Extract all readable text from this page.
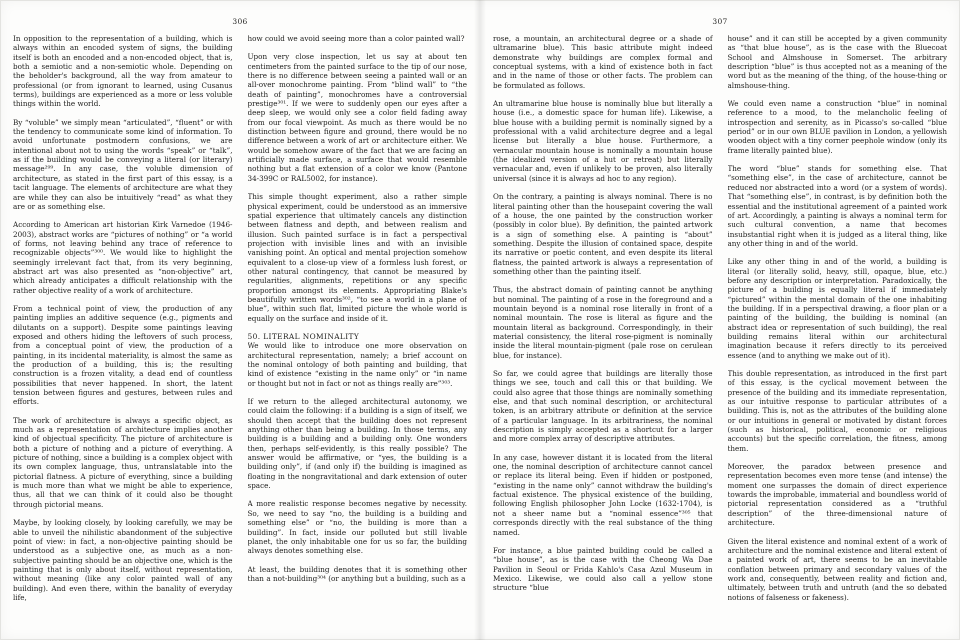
306

In opposition to the representation of a building, which is always within an encoded system of signs, the building itself is both an encoded and a non-encoded object, that is, both a semiotic and a non-semiotic whole. Depending on the beholder's background, all the way from amateur to professional (or from ignorant to learned, using Cusanus terms), buildings are experienced as a more or less voluble things within the world.

By “voluble” we simply mean “articulated”, “fluent” or with the tendency to communicate some kind of information. To avoid unfortunate postmodern confusions, we are intentional about not to using the words “speak” or “talk”, as if the building would be conveying a literal (or literary) message²⁹⁹. In any case, the voluble dimension of architecture, as stated in the first part of this essay, is a tacit language. The elements of architecture are what they are while they can also be intuitively “read” as what they are or as something else.

According to American art historian Kirk Varnedoe (1946-2003), abstract works are “pictures of nothing” or “a world of forms, not leaving behind any trace of reference to recognizable objects”³⁰⁰. We would like to highlight the seemingly irrelevant fact that, from its very beginning, abstract art was also presented as “non-objective” art, which already anticipates a difficult relationship with the rather objective reality of a work of architecture.

From a technical point of view, the production of any painting implies an additive sequence (e.g., pigments and dilutants on a support). Despite some paintings leaving exposed and others hiding the leftovers of such process, from a conceptual point of view, the production of a painting, in its incidental materiality, is almost the same as the production of a building, this is; the resulting construction is a frozen vitality, a dead end of countless possibilities that never happened. In short, the latent tension between figures and gestures, between rules and efforts.

The work of architecture is always a specific object, as much as a representation of architecture implies another kind of objectual specificity. The picture of architecture is both a picture of nothing and a picture of everything. A picture of nothing, since a building is a complex object with its own complex language, thus, untranslatable into the pictorial flatness. A picture of everything, since a building is much more than what we might be able to experience, thus, all that we can think of it could also be thought through pictorial means.

Maybe, by looking closely, by looking carefully, we may be able to unveil the nihilistic abandonment of the subjective point of view: in fact, a non-objective painting should be understood as a subjective one, as much as a non-subjective painting should be an objective one, which is the painting that is only about itself, without representation, without meaning (like any color painted wall of any building). And even there, within the banality of everyday life,

how could we avoid seeing more than a color painted wall?

Upon very close inspection, let us say at about ten centimeters from the painted surface to the tip of our nose, there is no difference between seeing a painted wall or an all-over monochrome painting. From “blind wall” to “the death of painting”, monochromes have a controversial prestige³⁰¹. If we were to suddenly open our eyes after a deep sleep, we would only see a color field fading away from our focal viewpoint. As much as there would be no distinction between figure and ground, there would be no difference between a work of art or architecture either. We would be somehow aware of the fact that we are facing an artificially made surface, a surface that would resemble nothing but a flat extension of a color we know (Pantone 34-399C or RAL5002, for instance).

This simple thought experiment, also a rather simple physical experiment, could be understood as an immersive spatial experience that ultimately cancels any distinction between flatness and depth, and between realism and illusion. Such painted surface is in fact a perspectival projection with invisible lines and with an invisible vanishing point. An optical and mental projection somehow equivalent to a close-up view of a formless lush forest, or other natural contingency, that cannot be measured by regularities, alignments, repetitions or any specific proportion amongst its elements. Appropriating Blake's beautifully written words³⁰², “to see a world in a plane of blue”, within such flat, limited picture the whole world is equally on the surface and inside of it.

50. LITERAL NOMINALITY

We would like to introduce one more observation on architectural representation, namely; a brief account on the nominal ontology of both painting and building, that kind of existence “existing in the name only” or “in name or thought but not in fact or not as things really are”³⁰³.

If we return to the alleged architectural autonomy, we could claim the following: if a building is a sign of itself, we should then accept that the building does not represent anything other than being a building. In those terms, any building is a building and a building only. One wonders then, perhaps self-evidently, is this really possible? The answer would be affirmative, or “yes, the building is a building only”, if (and only if) the building is imagined as floating in the nongravitational and dark extension of outer space.

A more realistic response becomes negative by necessity. So, we need to say “no, the building is a building and something else” or “no, the building is more than a building”. In fact, inside our polluted but still livable planet, the only inhabitable one for us so far, the building always denotes something else.

At least, the building denotes that it is something other than a not-building³⁰⁴ (or anything but a building, such as a

307

rose, a mountain, an architectural degree or a shade of ultramarine blue). This basic attribute might indeed demonstrate why buildings are complex formal and conceptual systems, with a kind of existence both in fact and in the name of those or other facts. The problem can be formulated as follows.

An ultramarine blue house is nominally blue but literally a house (i.e., a domestic space for human life). Likewise, a blue house with a building permit is nominally signed by a professional with a valid architecture degree and a legal license but literally a blue house. Furthermore, a vernacular mountain house is nominally a mountain house (the idealized version of a hut or retreat) but literally vernacular and, even if unlikely to be proven, also literally universal (since it is always ad hoc to any region).

On the contrary, a painting is always nominal. There is no literal painting other than the housepaint covering the wall of a house, the one painted by the construction worker (possibly in color blue). By definition, the painted artwork is a sign of something else. A painting is “about” something. Despite the illusion of contained space, despite its narrative or poetic content, and even despite its literal flatness, the painted artwork is always a representation of something other than the painting itself.

Thus, the abstract domain of painting cannot be anything but nominal. The painting of a rose in the foreground and a mountain beyond is a nominal rose literally in front of a nominal mountain. The rose is literal as figure and the mountain literal as background. Correspondingly, in their material consistency, the literal rose-pigment is nominally inside the literal mountain-pigment (pale rose on cerulean blue, for instance).

So far, we could agree that buildings are literally those things we see, touch and call this or that building. We could also agree that those things are nominally something else, and that such nominal description, or architectural token, is an arbitrary attribute or definition at the service of a particular language. In its arbitrariness, the nominal description is simply accepted as a shortcut for a larger and more complex array of descriptive attributes.

In any case, however distant it is located from the literal one, the nominal description of architecture cannot cancel or replace its literal being. Even if hidden or postponed, “existing in the name only” cannot withdraw the building's factual existence. The physical existence of the building, following English philosopher John Locke (1632-1704), is not a sheer name but a “nominal essence”³⁰⁵ that corresponds directly with the real substance of the thing named.

For instance, a blue painted building could be called a “blue house”, as is the case with the Cheong Wa Dae Pavilion in Seoul or Frida Kahlo's Casa Azul Museum in Mexico. Likewise, we could also call a yellow stone structure “blue

house” and it can still be accepted by a given community as “that blue house”, as is the case with the Bluecoat School and Almshouse in Somerset. The arbitrary description “blue” is thus accepted not as a meaning of the word but as the meaning of the thing, of the house-thing or almshouse-thing.

We could even name a construction “blue” in nominal reference to a mood, to the melancholic feeling of introspection and serenity, as in Picasso's so-called “blue period” or in our own BLUE pavilion in London, a yellowish wooden object with a tiny corner peephole window (only its frame literally painted blue).

The word “blue” stands for something else. That “something else”, in the case of architecture, cannot be reduced nor abstracted into a word (or a system of words). That “something else”, in contrast, is by definition both the essential and the institutional agreement of a painted work of art. Accordingly, a painting is always a nominal term for such cultural convention, a name that becomes insubstantial right when it is judged as a literal thing, like any other thing in and of the world.

Like any other thing in and of the world, a building is literal (or literally solid, heavy, still, opaque, blue, etc.) before any description or interpretation. Paradoxically, the picture of a building is equally literal if immediately “pictured” within the mental domain of the one inhabiting the building. If in a perspectival drawing, a floor plan or a painting of the building, the building is nominal (an abstract idea or representation of such building), the real building remains literal within our architectural imagination because it refers directly to its perceived essence (and to anything we make out of it).

This double representation, as introduced in the first part of this essay, is the cyclical movement between the presence of the building and its immediate representation, as our intuitive response to particular attributes of a building. This is, not as the attributes of the building alone or our intuitions in general or motivated by distant forces (such as historical, political, economic or religious accounts) but the specific correlation, the fitness, among them.

Moreover, the paradox between presence and representation becomes even more tense (and intense) the moment one surpasses the domain of direct experience towards the improbable, immaterial and boundless world of pictorial representation considered as a “truthful description” of the three-dimensional nature of architecture.

Given the literal existence and nominal extent of a work of architecture and the nominal existence and literal extent of a painted work of art, there seems to be an inevitable conflation between primary and secondary values of the work and, consequently, between reality and fiction and, ultimately, between truth and untruth (and the so debated notions of falseness or fakeness).
